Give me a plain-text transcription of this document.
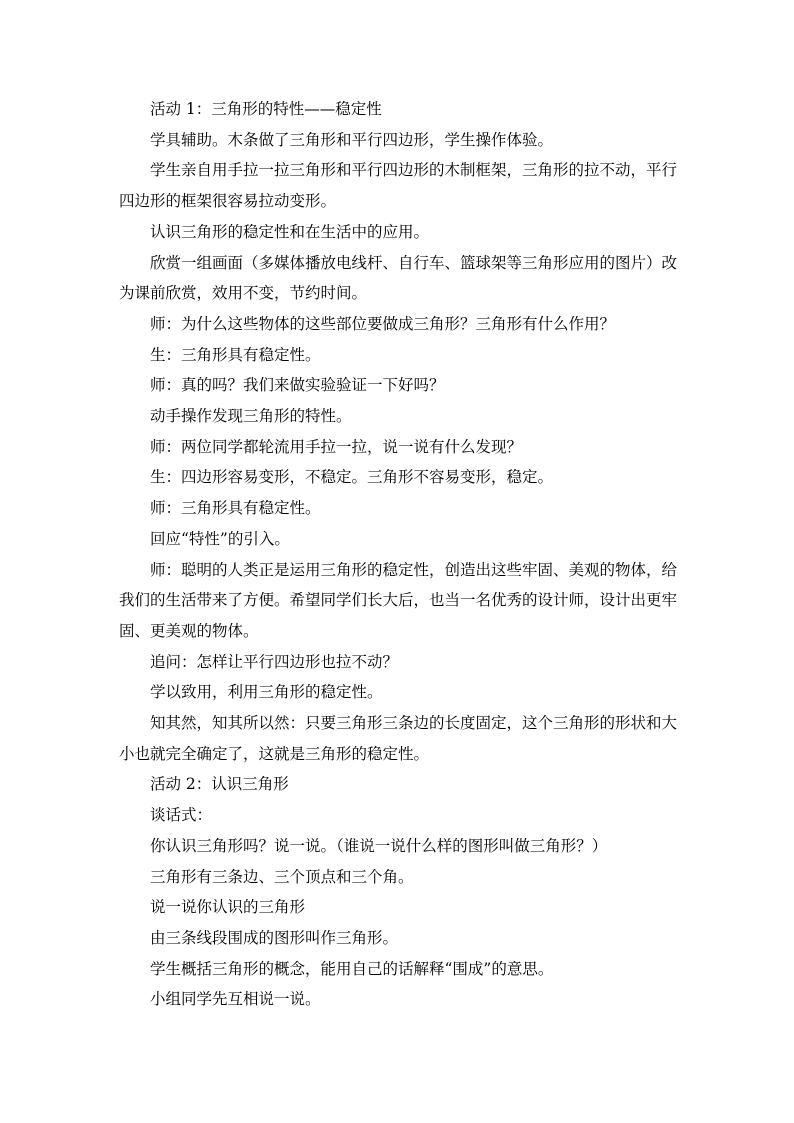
活动 1：三角形的特性——稳定性

学具辅助。木条做了三角形和平行四边形，学生操作体验。

学生亲自用手拉一拉三角形和平行四边形的木制框架，三角形的拉不动，平行四边形的框架很容易拉动变形。

认识三角形的稳定性和在生活中的应用。

欣赏一组画面（多媒体播放电线杆、自行车、篮球架等三角形应用的图片）改为课前欣赏，效用不变，节约时间。

师：为什么这些物体的这些部位要做成三角形？三角形有什么作用？

生：三角形具有稳定性。

师：真的吗？我们来做实验验证一下好吗？

动手操作发现三角形的特性。

师：两位同学都轮流用手拉一拉，说一说有什么发现？

生：四边形容易变形，不稳定。三角形不容易变形，稳定。

师：三角形具有稳定性。

回应“特性”的引入。

师：聪明的人类正是运用三角形的稳定性，创造出这些牢固、美观的物体，给我们的生活带来了方便。希望同学们长大后，也当一名优秀的设计师，设计出更牢固、更美观的物体。

追问：怎样让平行四边形也拉不动？

学以致用，利用三角形的稳定性。

知其然，知其所以然：只要三角形三条边的长度固定，这个三角形的形状和大小也就完全确定了，这就是三角形的稳定性。

活动 2：认识三角形

谈话式：

你认识三角形吗？说一说。（谁说一说什么样的图形叫做三角形？）

三角形有三条边、三个顶点和三个角。

说一说你认识的三角形

由三条线段围成的图形叫作三角形。

学生概括三角形的概念，能用自己的话解释“围成”的意思。

小组同学先互相说一说。
